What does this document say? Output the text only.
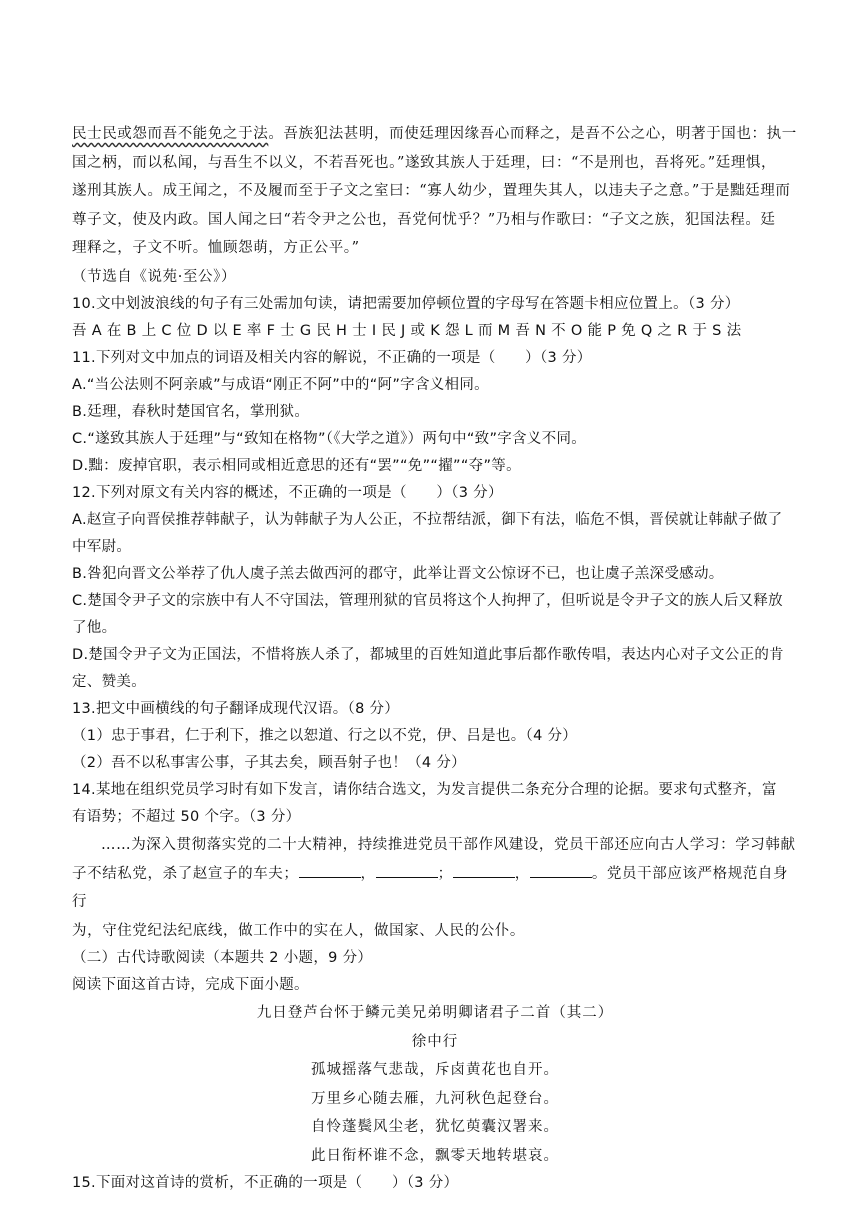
民士民或怨而吾不能免之于法。吾族犯法甚明，而使廷理因缘吾心而释之，是吾不公之心，明著于国也：执一

国之柄，而以私闻，与吾生不以义，不若吾死也。”遂致其族人于廷理，曰：“不是刑也，吾将死。”廷理惧，

遂刑其族人。成王闻之，不及履而至于子文之室曰：“寡人幼少，置理失其人，以违夫子之意。”于是黜廷理而

尊子文，使及内政。国人闻之曰“若令尹之公也，吾党何忧乎？”乃相与作歌曰：“子文之族，犯国法程。廷

理释之，子文不听。恤顾怨萌，方正公平。”

（节选自《说苑·至公》）

10.文中划波浪线的句子有三处需加句读，请把需要加停顿位置的字母写在答题卡相应位置上。（3 分）

吾 A 在 B 上 C 位 D 以 E 率 F 士 G 民 H 士 I 民 J 或 K 怨 L 而 M 吾 N 不 O 能 P 免 Q 之 R 于 S 法

11.下列对文中加点的词语及相关内容的解说，不正确的一项是（　　）（3 分）

A.“当公法则不阿亲戚”与成语“刚正不阿”中的“阿”字含义相同。

B.廷理，春秋时楚国官名，掌刑狱。

C.“遂致其族人于廷理”与“致知在格物”（《大学之道》）两句中“致”字含义不同。

D.黜：废掉官职，表示相同或相近意思的还有“罢”“免”“擢”“夺”等。

12.下列对原文有关内容的概述，不正确的一项是（　　）（3 分）

A.赵宣子向晋侯推荐韩献子，认为韩献子为人公正，不拉帮结派，御下有法，临危不惧，晋侯就让韩献子做了

中军尉。

B.咎犯向晋文公举荐了仇人虞子羔去做西河的郡守，此举让晋文公惊讶不已，也让虞子羔深受感动。

C.楚国令尹子文的宗族中有人不守国法，管理刑狱的官员将这个人拘押了，但听说是令尹子文的族人后又释放

了他。

D.楚国令尹子文为正国法，不惜将族人杀了，都城里的百姓知道此事后都作歌传唱，表达内心对子文公正的肯

定、赞美。

13.把文中画横线的句子翻译成现代汉语。（8 分）

（1）忠于事君，仁于利下，推之以恕道、行之以不党，伊、吕是也。（4 分）

（2）吾不以私事害公事，子其去矣，顾吾射子也！（4 分）

14.某地在组织党员学习时有如下发言，请你结合选文，为发言提供二条充分合理的论据。要求句式整齐，富

有语势；不超过 50 个字。（3 分）

……为深入贯彻落实党的二十大精神，持续推进党员干部作风建设，党员干部还应向古人学习：学习韩献

子不结私党，杀了赵宣子的车夫；	，	；	，	。党员干部应该严格规范自身行

为，守住党纪法纪底线，做工作中的实在人，做国家、人民的公仆。

（二）古代诗歌阅读（本题共 2 小题，9 分）

阅读下面这首古诗，完成下面小题。

九日登芦台怀于鳞元美兄弟明卿诸君子二首（其二）

徐中行

孤城摇落气悲哉，斥卤黄花也自开。

万里乡心随去雁，九河秋色起登台。

自怜蓬鬓风尘老，犹忆萸囊汉署来。

此日衔杯谁不念，飘零天地转堪哀。

15.下面对这首诗的赏析，不正确的一项是（　　）（3 分）
